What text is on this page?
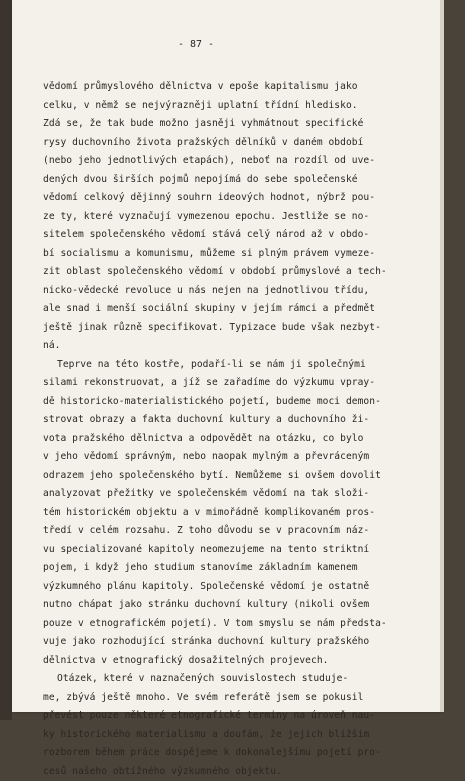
- 87 -
vědomí průmyslového dělnictva v epoše kapitalismu jako
celku, v němž se nejvýrazněji uplatní třídní hledisko.
Zdá se, že tak bude možno jasněji vyhmátnout specifické
rysy duchovního života pražských dělníků v daném období
(nebo jeho jednotlivých etapách), neboť na rozdíl od uve-
dených dvou širších pojmů nepojímá do sebe společenské
vědomí celkový dějinný souhrn ideových hodnot, nýbrž pou-
ze ty, které vyznačují vymezenou epochu. Jestliže se no-
sitelem společenského vědomí stává celý národ až v obdo-
bí socialismu a komunismu, můžeme si plným právem vymeze-
zit oblast společenského vědomí v období průmyslové a tech-
nicko-vědecké revoluce u nás nejen na jednotlivou třídu,
ale snad i menší sociální skupiny v jejím rámci a předmět
ještě jinak různě specifikovat. Typizace bude však nezbyt-
ná.
Teprve na této kostře, podaří-li se nám ji společnými
silami rekonstruovat, a jíž se zařadíme do výzkumu vpray-
dě historicko-materialistického pojetí, budeme moci demon-
strovat obrazy a fakta duchovní kultury a duchovního ži-
vota pražského dělnictva a odpovědět na otázku, co bylo
v jeho vědomí správným, nebo naopak mylným a převráceným
odrazem jeho společenského bytí. Nemůžeme si ovšem dovolit
analyzovat přežitky ve společenském vědomí na tak složi-
tém historickém objektu a v mimořádně komplikovaném pros-
tředí v celém rozsahu. Z toho důvodu se v pracovním náz-
vu specializované kapitoly neomezujeme na tento striktní
pojem, i když jeho studium stanovíme základním kamenem
výzkumného plánu kapitoly. Společenské vědomí je ostatně
nutno chápat jako stránku duchovní kultury (nikoli ovšem
pouze v etnografickém pojetí). V tom smyslu se nám předsta-
vuje jako rozhodující stránka duchovní kultury pražského
dělnictva v etnografický dosažitelných projevech.
Otázek, které v naznačených souvislostech studuje-
me, zbývá ještě mnoho. Ve svém referátě jsem se pokusil
převést pouze některé etnografické terminy na úroveň nau-
ky historického materialismu a doufám, že jejich bližším
rozborem během práce dospějeme k dokonalejšímu pojetí pro-
cesů našeho obtížného výzkumného objektu.
